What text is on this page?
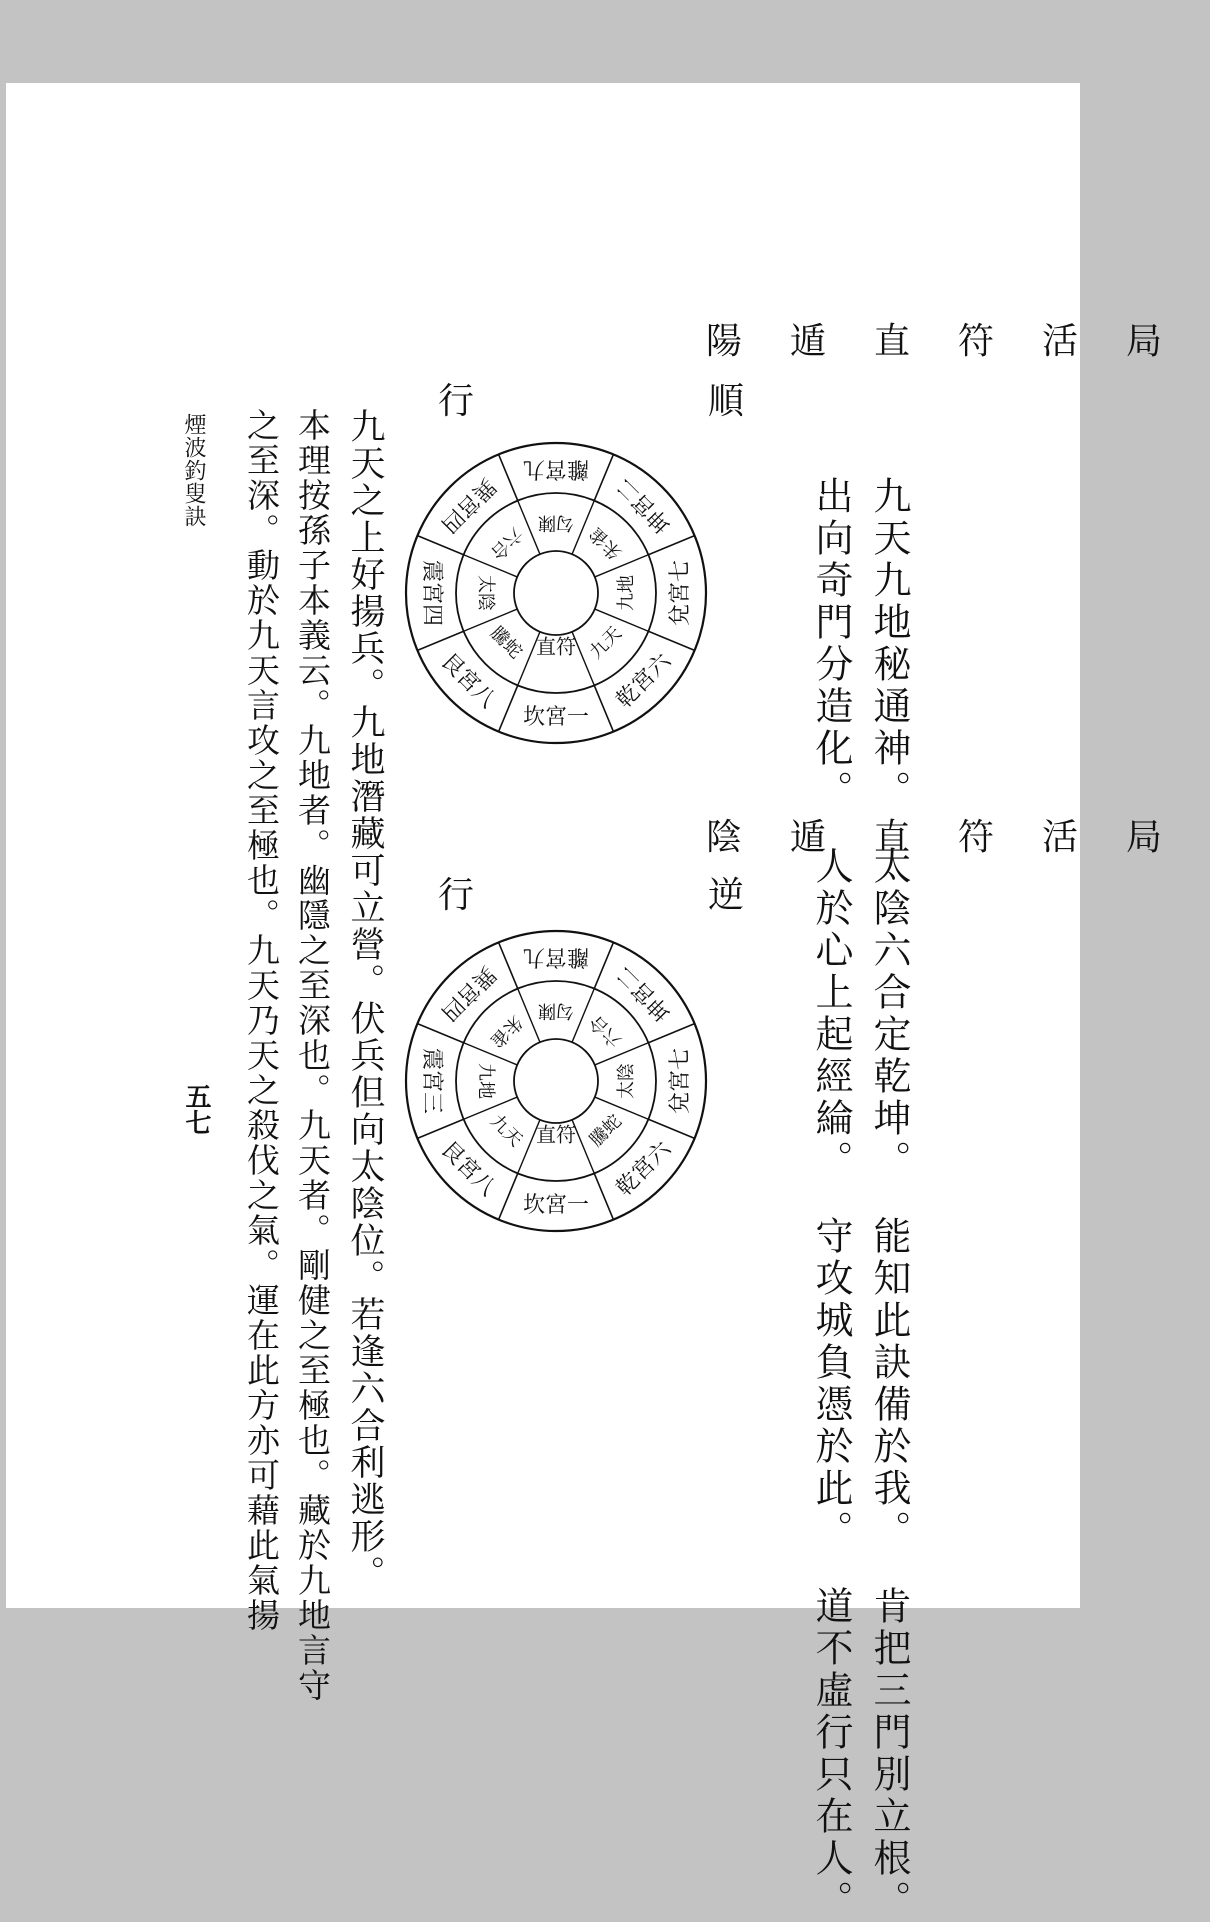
九天九地秘通神。太陰六合定乾坤。能知此訣備於我。肯把三門別立根。
出向奇門分造化。人於心上起經綸。守攻城負憑於此。道不虛行只在人。
陽遁直符活局
順
行
陰遁直符活局
逆
行
坎宮一
艮宮八
震宮四
巽宮四
離宮九
坤宮二
兌宮七
乾宮六
直符
騰蛇
太陰
六合
勾陳
朱雀
九地
九天
坎宮一
艮宮八
震宮三
巽宮四
離宮九
坤宮二
兌宮七
乾宮六
直符
九天
九地
朱雀
勾陳
六合
太陰
騰蛇
九天之上好揚兵。九地潛藏可立營。伏兵但向太陰位。若逢六合利逃形。
本理按孫子本義云。九地者。幽隱之至深也。九天者。剛健之至極也。藏於九地言守
之至深。動於九天言攻之至極也。九天乃天之殺伐之氣。運在此方亦可藉此氣揚
煙波釣叟訣
五七
